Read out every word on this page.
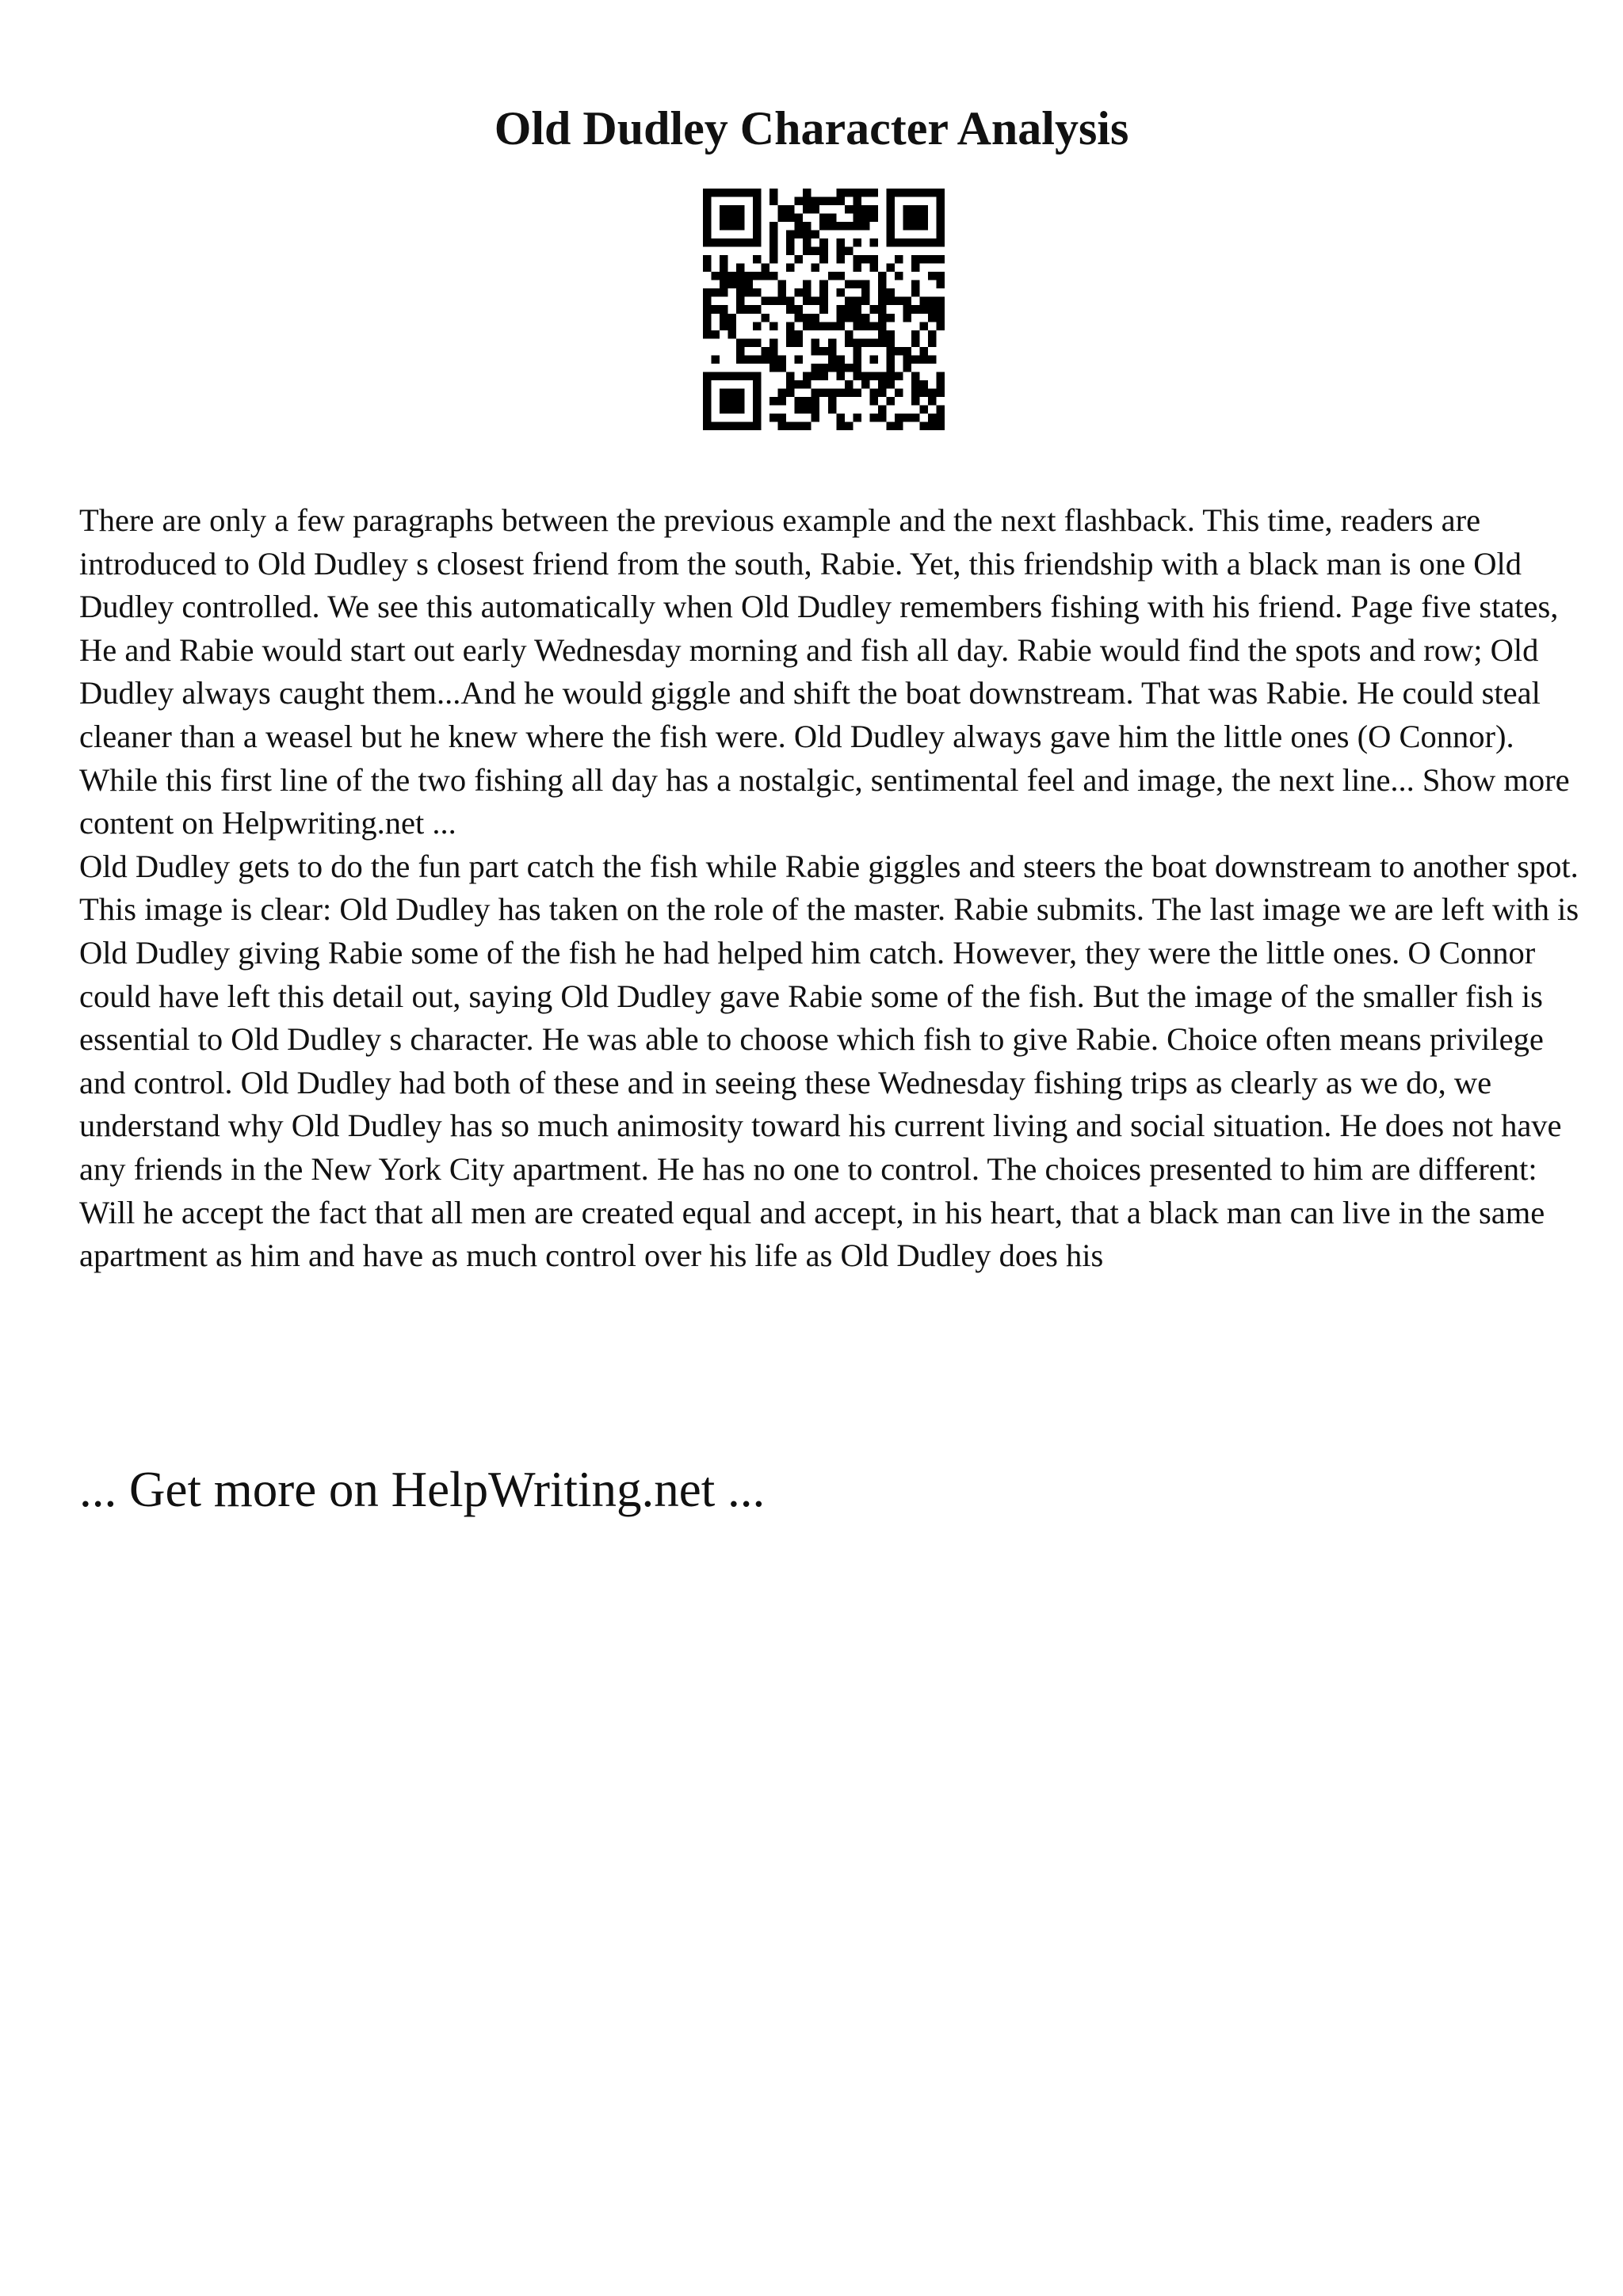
Old Dudley Character Analysis

There are only a few paragraphs between the previous example and the next flashback. This time, readers are introduced to Old Dudley s closest friend from the south, Rabie. Yet, this friendship with a black man is one Old Dudley controlled. We see this automatically when Old Dudley remembers fishing with his friend. Page five states, He and Rabie would start out early Wednesday morning and fish all day. Rabie would find the spots and row; Old Dudley always caught them...And he would giggle and shift the boat downstream. That was Rabie. He could steal cleaner than a weasel but he knew where the fish were. Old Dudley always gave him the little ones (O Connor). While this first line of the two fishing all day has a nostalgic, sentimental feel and image, the next line... Show more content on Helpwriting.net ...

Old Dudley gets to do the fun part catch the fish while Rabie giggles and steers the boat downstream to another spot. This image is clear: Old Dudley has taken on the role of the master. Rabie submits. The last image we are left with is Old Dudley giving Rabie some of the fish he had helped him catch. However, they were the little ones. O Connor could have left this detail out, saying Old Dudley gave Rabie some of the fish. But the image of the smaller fish is essential to Old Dudley s character. He was able to choose which fish to give Rabie. Choice often means privilege and control. Old Dudley had both of these and in seeing these Wednesday fishing trips as clearly as we do, we understand why Old Dudley has so much animosity toward his current living and social situation. He does not have any friends in the New York City apartment. He has no one to control. The choices presented to him are different: Will he accept the fact that all men are created equal and accept, in his heart, that a black man can live in the same apartment as him and have as much control over his life as Old Dudley does his

... Get more on HelpWriting.net ...
